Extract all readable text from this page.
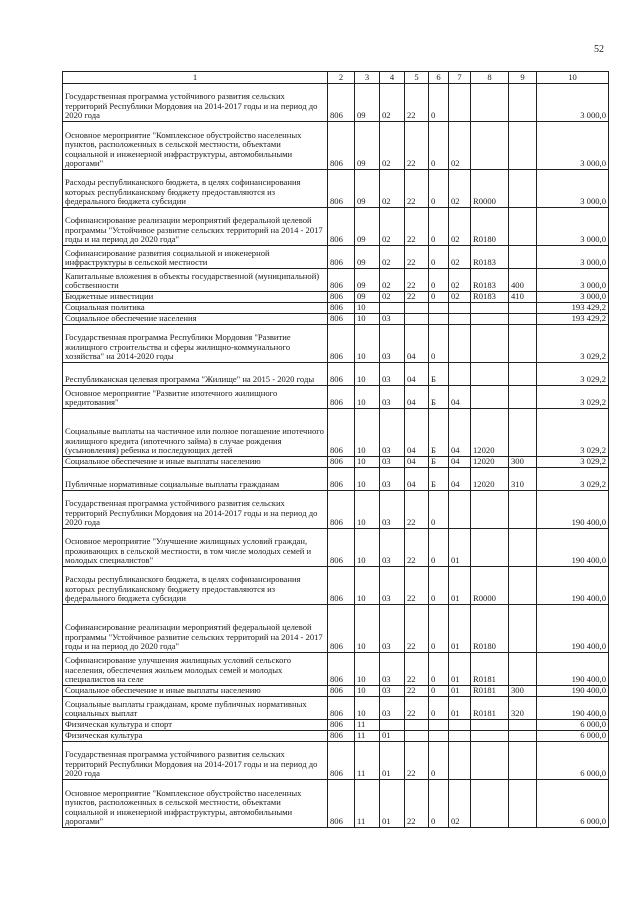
52
1	2	3	4	5	6	7	8	9	10
Государственная программа устойчивого развития сельских территорий Республики Мордовия на 2014-2017 годы и на период до 2020 года	806	09	02	22	0				3 000,0
Основное мероприятие "Комплексное обустройство населенных пунктов, расположенных в сельской местности, объектами социальной и инженерной инфраструктуры, автомобильными дорогами"	806	09	02	22	0	02			3 000,0
Расходы республиканского бюджета, в целях софинансирования которых республиканскому бюджету предоставляются из федерального бюджета субсидии	806	09	02	22	0	02	R0000		3 000,0
Софинансирование реализации мероприятий федеральной целевой программы "Устойчивое развитие сельских территорий на 2014 - 2017 годы и на период до 2020 года"	806	09	02	22	0	02	R0180		3 000,0
Софинансирование развития социальной и инженерной инфраструктуры в сельской местности	806	09	02	22	0	02	R0183		3 000,0
Капитальные вложения в объекты государственной (муниципальной) собственности	806	09	02	22	0	02	R0183	400	3 000,0
Бюджетные инвестиции	806	09	02	22	0	02	R0183	410	3 000,0
Социальная политика	806	10							193 429,2
Социальное обеспечение населения	806	10	03						193 429,2
Государственная программа Республики Мордовия "Развитие жилищного строительства и сферы жилищно-коммунального хозяйства" на 2014-2020 годы	806	10	03	04	0				3 029,2
Республиканская целевая программа "Жилище" на 2015 - 2020 годы	806	10	03	04	Б				3 029,2
Основное мероприятие "Развитие ипотечного жилищного кредитования"	806	10	03	04	Б	04			3 029,2
Социальные выплаты на частичное или полное погашение ипотечного жилищного кредита (ипотечного займа) в случае рождения (усыновления) ребенка и последующих детей	806	10	03	04	Б	04	12020		3 029,2
Социальное обеспечение и иные выплаты населению	806	10	03	04	Б	04	12020	300	3 029,2
Публичные нормативные социальные выплаты гражданам	806	10	03	04	Б	04	12020	310	3 029,2
Государственная программа устойчивого развития сельских территорий Республики Мордовия на 2014-2017 годы и на период до 2020 года	806	10	03	22	0				190 400,0
Основное мероприятие "Улучшение жилищных условий граждан, проживающих в сельской местности, в том числе молодых семей и молодых специалистов"	806	10	03	22	0	01			190 400,0
Расходы республиканского бюджета, в целях софинансирования которых республиканскому бюджету предоставляются из федерального бюджета субсидии	806	10	03	22	0	01	R0000		190 400,0
Софинансирование реализации мероприятий федеральной целевой программы "Устойчивое развитие сельских территорий на 2014 - 2017 годы и на период до 2020 года"	806	10	03	22	0	01	R0180		190 400,0
Софинансирование улучшения жилищных условий сельского населения, обеспечения жильем молодых семей и молодых специалистов на селе	806	10	03	22	0	01	R0181		190 400,0
Социальное обеспечение и иные выплаты населению	806	10	03	22	0	01	R0181	300	190 400,0
Социальные выплаты гражданам, кроме публичных нормативных социальных выплат	806	10	03	22	0	01	R0181	320	190 400,0
Физическая культура и спорт	806	11							6 000,0
Физическая культура	806	11	01						6 000,0
Государственная программа устойчивого развития сельских территорий Республики Мордовия на 2014-2017 годы и на период до 2020 года	806	11	01	22	0				6 000,0
Основное мероприятие "Комплексное обустройство населенных пунктов, расположенных в сельской местности, объектами социальной и инженерной инфраструктуры, автомобильными дорогами"	806	11	01	22	0	02			6 000,0
